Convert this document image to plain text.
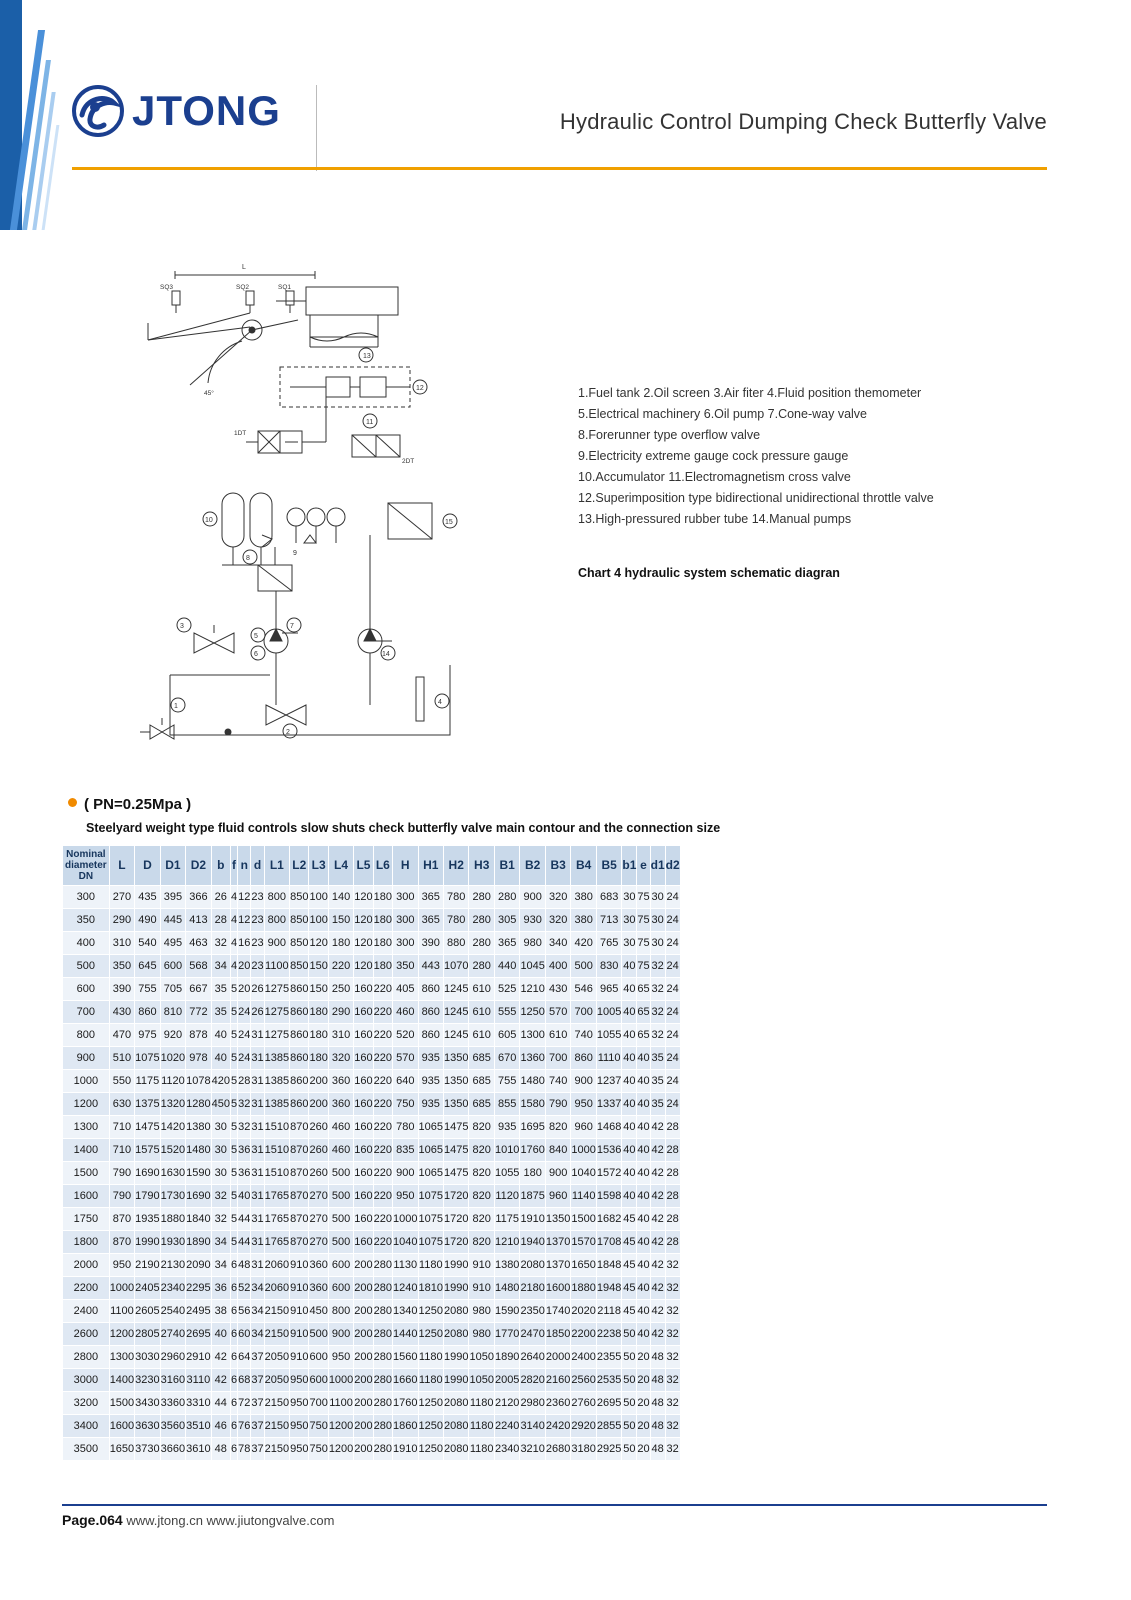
JTONG	Hydraulic Control Dumping Check Butterfly Valve
L
SQ3	SQ2	SQ1
45°
13
12
1DT
2DT
11
10
9
15
8
5
6
7
14
3
1
2
4
1.Fuel tank 2.Oil screen 3.Air fiter 4.Fluid position themometer
5.Electrical machinery 6.Oil pump 7.Cone-way valve
8.Forerunner type overflow valve
9.Electricity extreme gauge cock pressure gauge
10.Accumulator 11.Electromagnetism cross valve
12.Superimposition type bidirectional unidirectional throttle valve
13.High-pressured rubber tube 14.Manual pumps
Chart 4 hydraulic system schematic diagran
( PN=0.25Mpa )
Steelyard weight type fluid controls slow shuts check butterfly valve main contour and the connection size
Nominal
diameter
DN	L	D	D1	D2	b	f	n	d	L1	L2	L3	L4	L5	L6	H	H1	H2	H3	B1	B2	B3	B4	B5	b1	e	d1	d2
300	270	435	395	366	26	4	12	23	800	850	100	140	120	180	300	365	780	280	280	900	320	380	683	30	75	30	24
350	290	490	445	413	28	4	12	23	800	850	100	150	120	180	300	365	780	280	305	930	320	380	713	30	75	30	24
400	310	540	495	463	32	4	16	23	900	850	120	180	120	180	300	390	880	280	365	980	340	420	765	30	75	30	24
500	350	645	600	568	34	4	20	23	1100	850	150	220	120	180	350	443	1070	280	440	1045	400	500	830	40	75	32	24
600	390	755	705	667	35	5	20	26	1275	860	150	250	160	220	405	860	1245	610	525	1210	430	546	965	40	65	32	24
700	430	860	810	772	35	5	24	26	1275	860	180	290	160	220	460	860	1245	610	555	1250	570	700	1005	40	65	32	24
800	470	975	920	878	40	5	24	31	1275	860	180	310	160	220	520	860	1245	610	605	1300	610	740	1055	40	65	32	24
900	510	1075	1020	978	40	5	24	31	1385	860	180	320	160	220	570	935	1350	685	670	1360	700	860	1110	40	40	35	24
1000	550	1175	1120	1078	420	5	28	31	1385	860	200	360	160	220	640	935	1350	685	755	1480	740	900	1237	40	40	35	24
1200	630	1375	1320	1280	450	5	32	31	1385	860	200	360	160	220	750	935	1350	685	855	1580	790	950	1337	40	40	35	24
1300	710	1475	1420	1380	30	5	32	31	1510	870	260	460	160	220	780	1065	1475	820	935	1695	820	960	1468	40	40	42	28
1400	710	1575	1520	1480	30	5	36	31	1510	870	260	460	160	220	835	1065	1475	820	1010	1760	840	1000	1536	40	40	42	28
1500	790	1690	1630	1590	30	5	36	31	1510	870	260	500	160	220	900	1065	1475	820	1055	180	900	1040	1572	40	40	42	28
1600	790	1790	1730	1690	32	5	40	31	1765	870	270	500	160	220	950	1075	1720	820	1120	1875	960	1140	1598	40	40	42	28
1750	870	1935	1880	1840	32	5	44	31	1765	870	270	500	160	220	1000	1075	1720	820	1175	1910	1350	1500	1682	45	40	42	28
1800	870	1990	1930	1890	34	5	44	31	1765	870	270	500	160	220	1040	1075	1720	820	1210	1940	1370	1570	1708	45	40	42	28
2000	950	2190	2130	2090	34	6	48	31	2060	910	360	600	200	280	1130	1180	1990	910	1380	2080	1370	1650	1848	45	40	42	32
2200	1000	2405	2340	2295	36	6	52	34	2060	910	360	600	200	280	1240	1810	1990	910	1480	2180	1600	1880	1948	45	40	42	32
2400	1100	2605	2540	2495	38	6	56	34	2150	910	450	800	200	280	1340	1250	2080	980	1590	2350	1740	2020	2118	45	40	42	32
2600	1200	2805	2740	2695	40	6	60	34	2150	910	500	900	200	280	1440	1250	2080	980	1770	2470	1850	2200	2238	50	40	42	32
2800	1300	3030	2960	2910	42	6	64	37	2050	910	600	950	200	280	1560	1180	1990	1050	1890	2640	2000	2400	2355	50	20	48	32
3000	1400	3230	3160	3110	42	6	68	37	2050	950	600	1000	200	280	1660	1180	1990	1050	2005	2820	2160	2560	2535	50	20	48	32
3200	1500	3430	3360	3310	44	6	72	37	2150	950	700	1100	200	280	1760	1250	2080	1180	2120	2980	2360	2760	2695	50	20	48	32
3400	1600	3630	3560	3510	46	6	76	37	2150	950	750	1200	200	280	1860	1250	2080	1180	2240	3140	2420	2920	2855	50	20	48	32
3500	1650	3730	3660	3610	48	6	78	37	2150	950	750	1200	200	280	1910	1250	2080	1180	2340	3210	2680	3180	2925	50	20	48	32
Page.064 www.jtong.cn www.jiutongvalve.com
